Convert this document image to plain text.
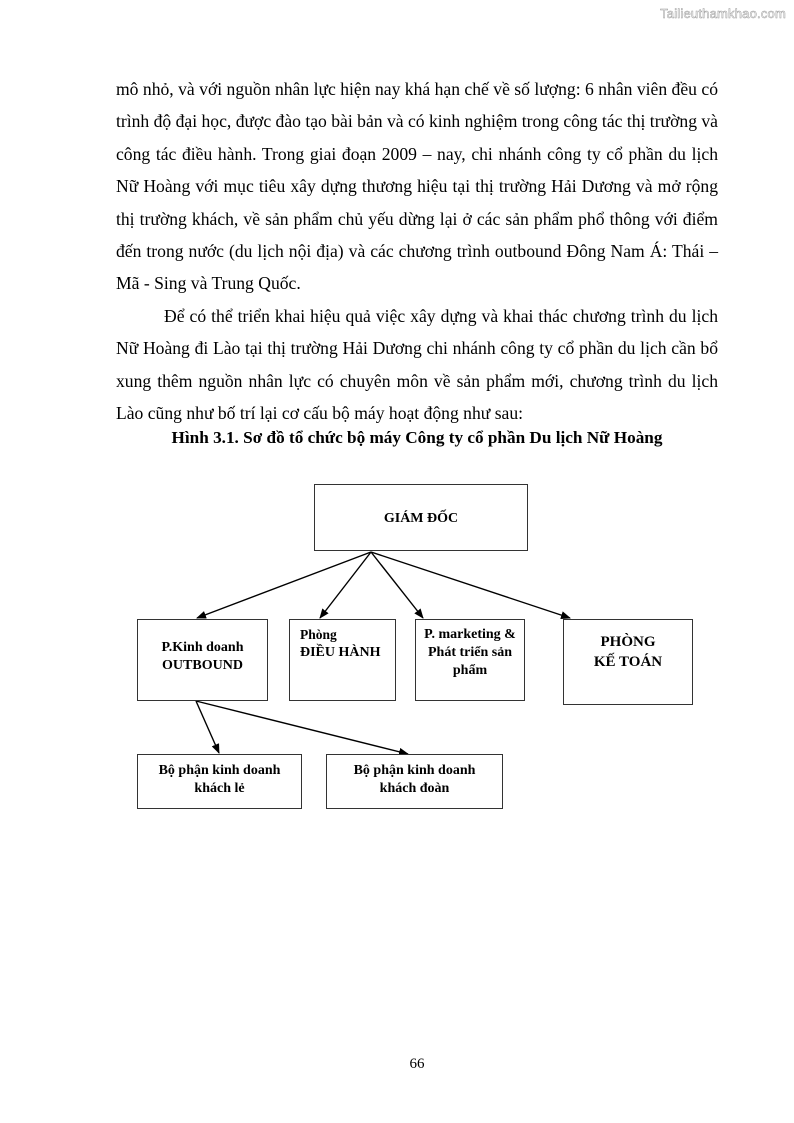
Tailieuthamkhao.com

mô nhỏ, và với nguồn nhân lực hiện nay khá hạn chế về số lượng: 6 nhân viên đều có trình độ đại học, được đào tạo bài bản và có kinh nghiệm trong công tác thị trường và công tác điều hành. Trong giai đoạn 2009 – nay, chi nhánh công ty cổ phần du lịch Nữ Hoàng với mục tiêu xây dựng thương hiệu tại thị trường Hải Dương và mở rộng thị trường khách, về sản phẩm chủ yếu dừng lại ở các sản phẩm phổ thông với điểm đến trong nước (du lịch nội địa) và các chương trình outbound Đông Nam Á: Thái – Mã - Sing và Trung Quốc.

Để có thể triển khai hiệu quả việc xây dựng và khai thác chương trình du lịch Nữ Hoàng đi Lào tại thị trường Hải Dương chi nhánh công ty cổ phần du lịch cần bổ xung thêm nguồn nhân lực có chuyên môn về sản phẩm mới, chương trình du lịch Lào cũng như bố trí lại cơ cấu bộ máy hoạt động như sau:

Hình 3.1. Sơ đồ tổ chức bộ máy Công ty cổ phần Du lịch Nữ Hoàng
GIÁM ĐỐC
P.Kinh doanh
OUTBOUND
Phòng
ĐIỀU HÀNH
P. marketing &
Phát triển sản
phẩm
PHÒNG
KẾ TOÁN
Bộ phận kinh doanh
khách lẻ
Bộ phận kinh doanh
khách đoàn
66
